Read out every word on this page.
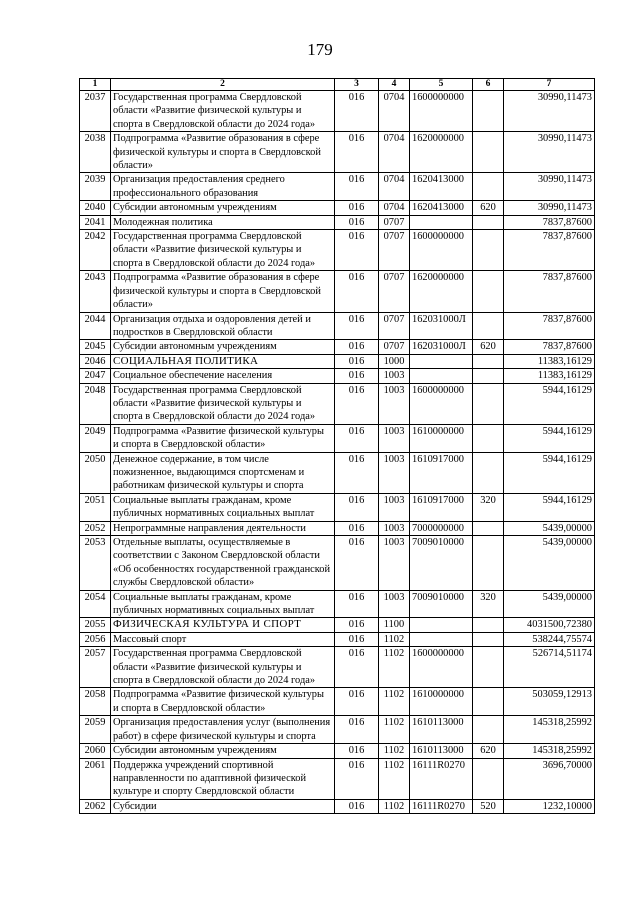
179
1	2	3	4	5	6	7
2037	Государственная программа Свердловской области «Развитие физической культуры и спорта в Свердловской области до 2024 года»	016	0704	1600000000		30990,11473
2038	Подпрограмма «Развитие образования в сфере физической культуры и спорта в Свердловской области»	016	0704	1620000000		30990,11473
2039	Организация предоставления среднего профессионального образования	016	0704	1620413000		30990,11473
2040	Субсидии автономным учреждениям	016	0704	1620413000	620	30990,11473
2041	Молодежная политика	016	0707			7837,87600
2042	Государственная программа Свердловской области «Развитие физической культуры и спорта в Свердловской области до 2024 года»	016	0707	1600000000		7837,87600
2043	Подпрограмма «Развитие образования в сфере физической культуры и спорта в Свердловской области»	016	0707	1620000000		7837,87600
2044	Организация отдыха и оздоровления детей и подростков в Свердловской области	016	0707	162031000Л		7837,87600
2045	Субсидии автономным учреждениям	016	0707	162031000Л	620	7837,87600
2046	СОЦИАЛЬНАЯ ПОЛИТИКА	016	1000			11383,16129
2047	Социальное обеспечение населения	016	1003			11383,16129
2048	Государственная программа Свердловской области «Развитие физической культуры и спорта в Свердловской области до 2024 года»	016	1003	1600000000		5944,16129
2049	Подпрограмма «Развитие физической культуры и спорта в Свердловской области»	016	1003	1610000000		5944,16129
2050	Денежное содержание, в том числе пожизненное, выдающимся спортсменам и работникам физической культуры и спорта	016	1003	1610917000		5944,16129
2051	Социальные выплаты гражданам, кроме публичных нормативных социальных выплат	016	1003	1610917000	320	5944,16129
2052	Непрограммные направления деятельности	016	1003	7000000000		5439,00000
2053	Отдельные выплаты, осуществляемые в соответствии с Законом Свердловской области «Об особенностях государственной гражданской службы Свердловской области»	016	1003	7009010000		5439,00000
2054	Социальные выплаты гражданам, кроме публичных нормативных социальных выплат	016	1003	7009010000	320	5439,00000
2055	ФИЗИЧЕСКАЯ КУЛЬТУРА И СПОРТ	016	1100			4031500,72380
2056	Массовый спорт	016	1102			538244,75574
2057	Государственная программа Свердловской области «Развитие физической культуры и спорта в Свердловской области до 2024 года»	016	1102	1600000000		526714,51174
2058	Подпрограмма «Развитие физической культуры и спорта в Свердловской области»	016	1102	1610000000		503059,12913
2059	Организация предоставления услуг (выполнения работ) в сфере физической культуры и спорта	016	1102	1610113000		145318,25992
2060	Субсидии автономным учреждениям	016	1102	1610113000	620	145318,25992
2061	Поддержка учреждений спортивной направленности по адаптивной физической культуре и спорту Свердловской области	016	1102	16111R0270		3696,70000
2062	Субсидии	016	1102	16111R0270	520	1232,10000
